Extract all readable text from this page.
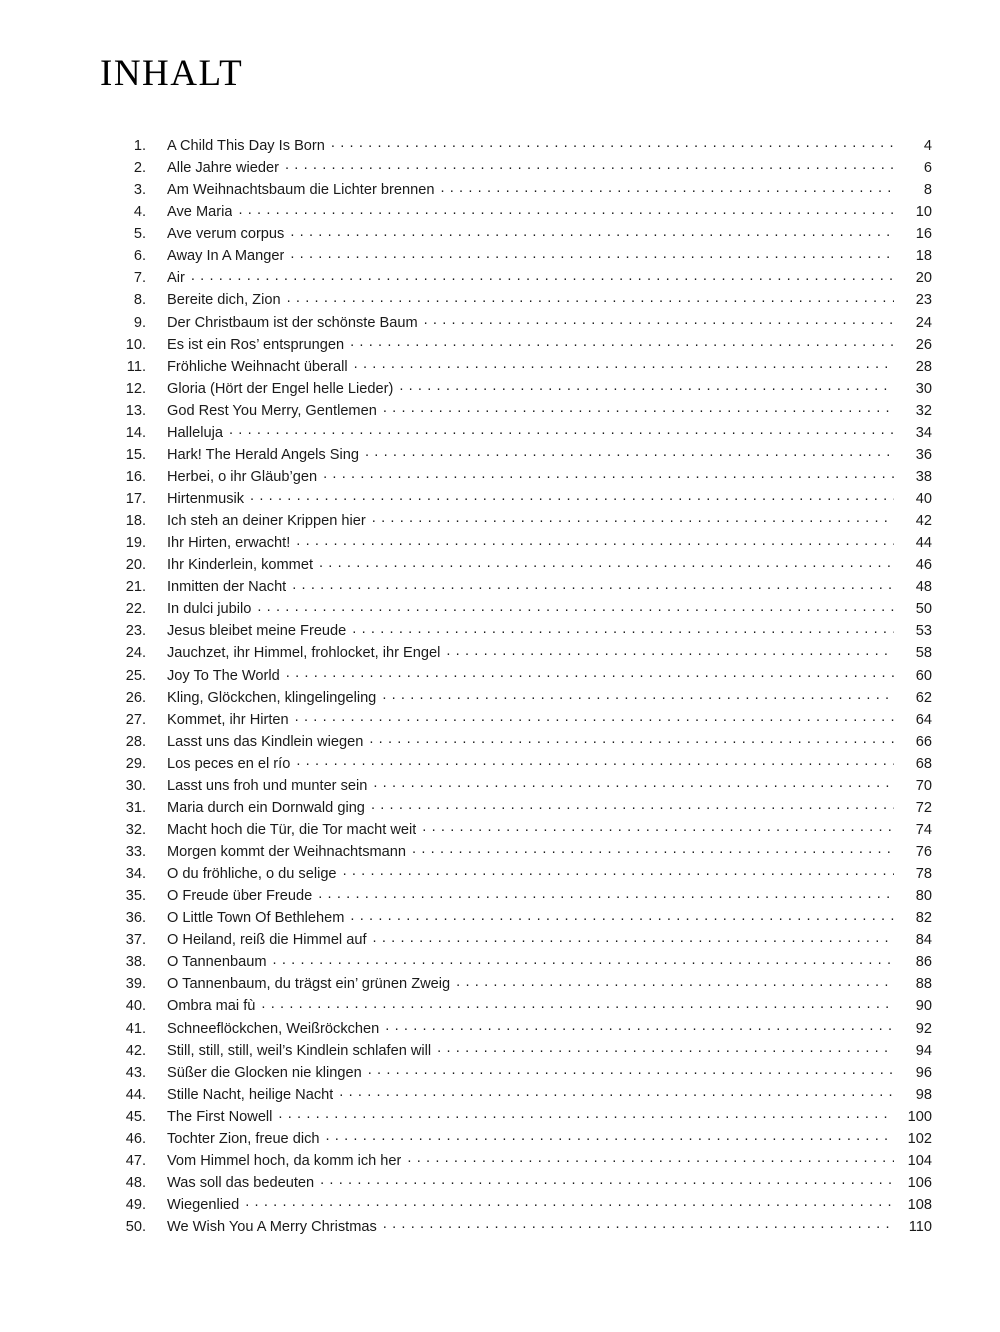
INHALT
1 .	A Child This Day Is Born . . .	4
2 .	Alle Jahre wieder . . .	6
3 .	Am Weihnachtsbaum die Lichter brennen . . .	8
4 .	Ave Maria . . .	10
5 .	Ave verum corpus . . .	16
6 .	Away In A Manger . . .	18
7 .	Air . . .	20
8 .	Bereite dich, Zion . . .	23
9 .	Der Christbaum ist der schönste Baum . . .	24
10 .	Es ist ein Ros’ entsprungen . . .	26
11 .	Fröhliche Weihnacht überall . . .	28
12 .	Gloria (Hört der Engel helle Lieder) . . .	30
13 .	God Rest You Merry, Gentlemen . . .	32
14 .	Halleluja . . .	34
15 .	Hark! The Herald Angels Sing . . .	36
16 .	Herbei, o ihr Gläub’gen . . .	38
17 .	Hirtenmusik . . .	40
18 .	Ich steh an deiner Krippen hier . . .	42
19 .	Ihr Hirten, erwacht! . . .	44
20 .	Ihr Kinderlein, kommet . . .	46
21 .	Inmitten der Nacht . . .	48
22 .	In dulci jubilo . . .	50
23 .	Jesus bleibet meine Freude . . .	53
24 .	Jauchzet, ihr Himmel, frohlocket, ihr Engel . . .	58
25 .	Joy To The World . . .	60
26 .	Kling, Glöckchen, klingelingeling . . .	62
27 .	Kommet, ihr Hirten . . .	64
28 .	Lasst uns das Kindlein wiegen . . .	66
29 .	Los peces en el río . . .	68
30 .	Lasst uns froh und munter sein . . .	70
31 .	Maria durch ein Dornwald ging . . .	72
32 .	Macht hoch die Tür, die Tor macht weit . . .	74
33 .	Morgen kommt der Weihnachtsmann . . .	76
34 .	O du fröhliche, o du selige . . .	78
35 .	O Freude über Freude . . .	80
36 .	O Little Town Of Bethlehem . . .	82
37 .	O Heiland, reiß die Himmel auf . . .	84
38 .	O Tannenbaum . . .	86
39 .	O Tannenbaum, du trägst ein’ grünen Zweig . . .	88
40 .	Ombra mai fù . . .	90
41 .	Schneeflöckchen, Weißröckchen . . .	92
42 .	Still, still, still, weil’s Kindlein schlafen will . . .	94
43 .	Süßer die Glocken nie klingen . . .	96
44 .	Stille Nacht, heilige Nacht . . .	98
45 .	The First Nowell . . .	100
46 .	Tochter Zion, freue dich . . .	102
47 .	Vom Himmel hoch, da komm ich her . . .	104
48 .	Was soll das bedeuten . . .	106
49 .	Wiegenlied . . .	108
50 .	We Wish You A Merry Christmas . . .	110
